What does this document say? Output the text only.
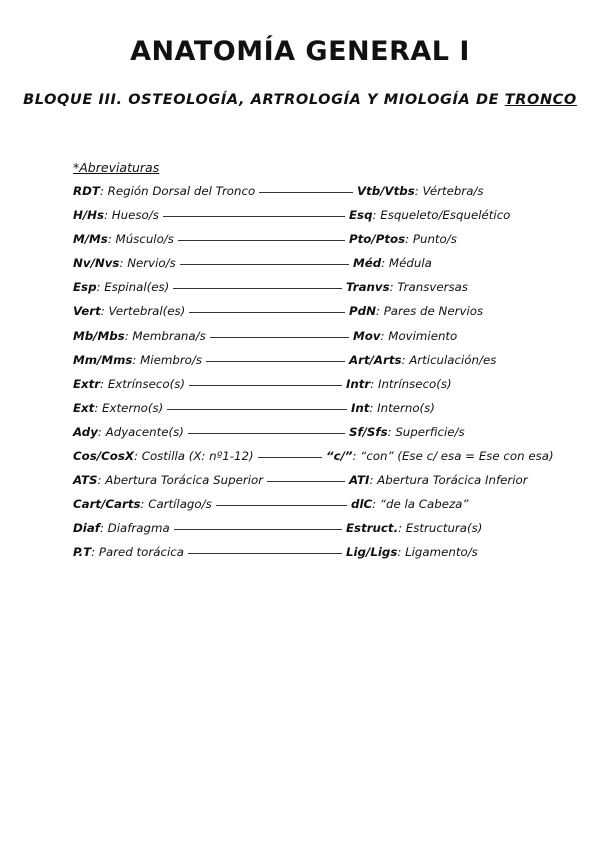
ANATOMÍA GENERAL I

BLOQUE III. OSTEOLOGÍA, ARTROLOGÍA Y MIOLOGÍA DE TRONCO

*Abreviaturas
RDT: Región Dorsal del Tronco	Vtb/Vtbs: Vértebra/s
H/Hs: Hueso/s	Esq: Esqueleto/Esquelético
M/Ms: Músculo/s	Pto/Ptos: Punto/s
Nv/Nvs: Nervio/s	Méd: Médula
Esp: Espinal(es)	Tranvs: Transversas
Vert: Vertebral(es)	PdN: Pares de Nervios
Mb/Mbs: Membrana/s	Mov: Movimiento
Mm/Mms: Miembro/s	Art/Arts: Articulación/es
Extr: Extrínseco(s)	Intr: Intrínseco(s)
Ext: Externo(s)	Int: Interno(s)
Ady: Adyacente(s)	Sf/Sfs: Superficie/s
Cos/CosX: Costilla (X: nº1-12)	“c/”: “con” (Ese c/ esa = Ese con esa)
ATS: Abertura Torácica Superior	ATI: Abertura Torácica Inferior
Cart/Carts: Cartílago/s	dlC: “de la Cabeza”
Diaf: Diafragma	Estruct.: Estructura(s)
P.T: Pared torácica	Lig/Ligs: Ligamento/s
